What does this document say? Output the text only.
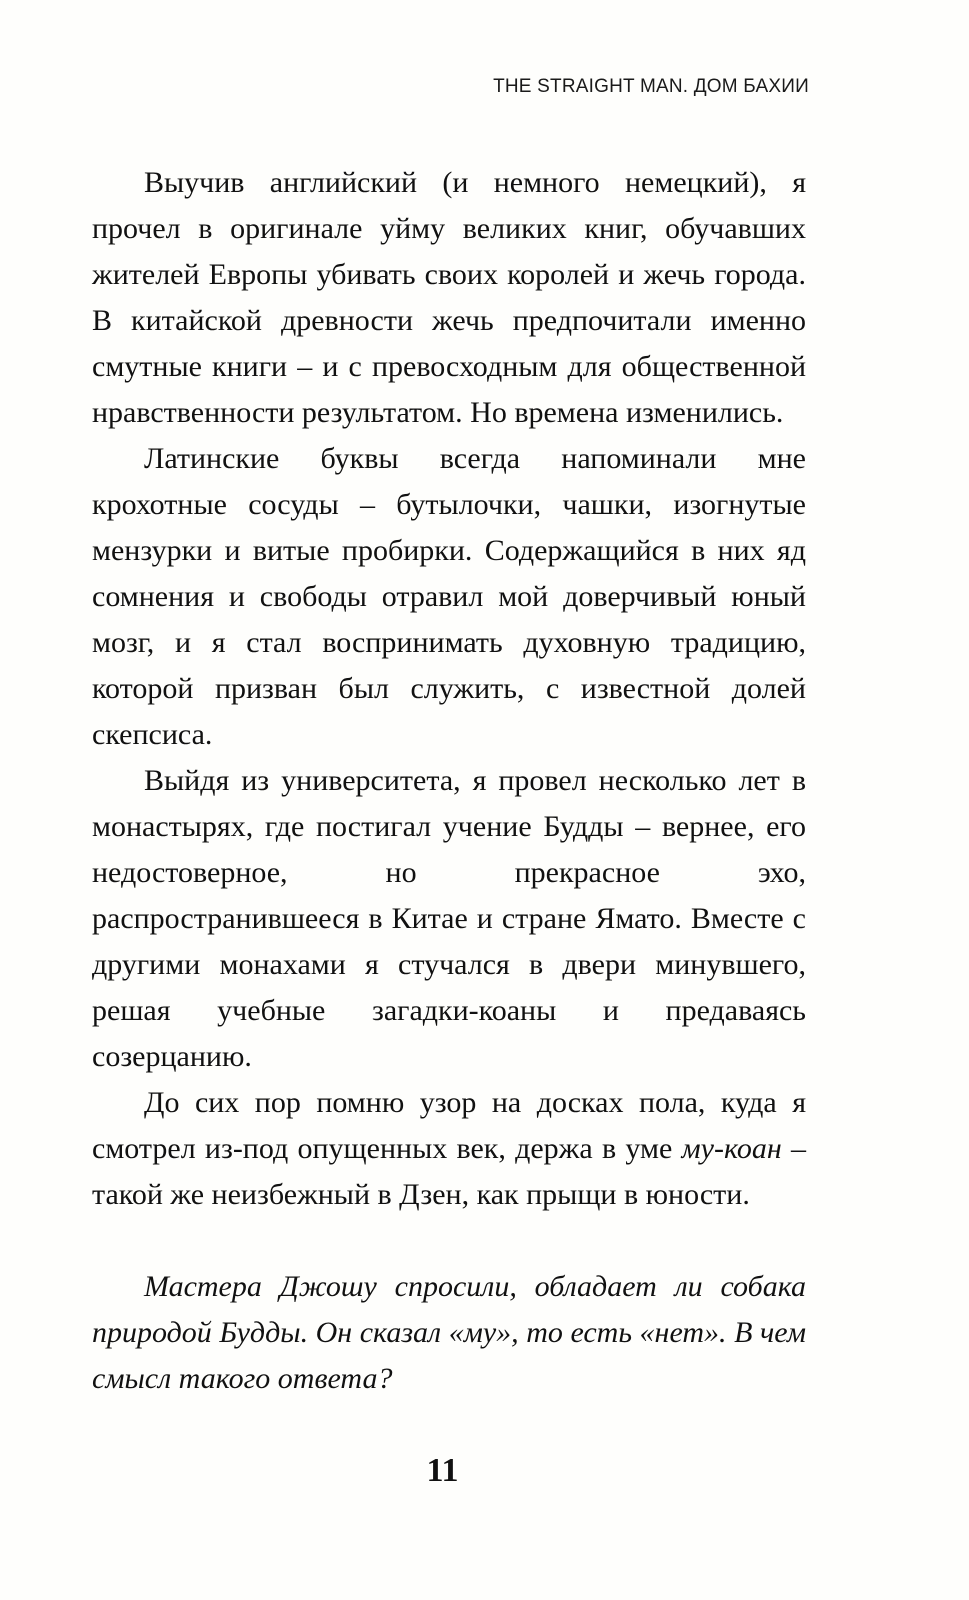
THE STRAIGHT MAN. ДОМ БАХИИ

Выучив английский (и немного немецкий), я прочел в оригинале уйму великих книг, обучавших жителей Европы убивать своих королей и жечь города. В китайской древности жечь предпочитали именно смутные книги – и с превосходным для общественной нравственности результатом. Но времена изменились.

Латинские буквы всегда напоминали мне крохотные сосуды – бутылочки, чашки, изогнутые мензурки и витые пробирки. Содержащийся в них яд сомнения и свободы отравил мой доверчивый юный мозг, и я стал воспринимать духовную традицию, которой призван был служить, с известной долей скепсиса.

Выйдя из университета, я провел несколько лет в монастырях, где постигал учение Будды – вернее, его недостоверное, но прекрасное эхо, распространившееся в Китае и стране Ямато. Вместе с другими монахами я стучался в двери минувшего, решая учебные загадки-коаны и предаваясь созерцанию.

До сих пор помню узор на досках пола, куда я смотрел из-под опущенных век, держа в уме му-коан – такой же неизбежный в Дзен, как прыщи в юности.

Мастера Джошу спросили, обладает ли собака природой Будды. Он сказал «му», то есть «нет». В чем смысл такого ответа?

11
